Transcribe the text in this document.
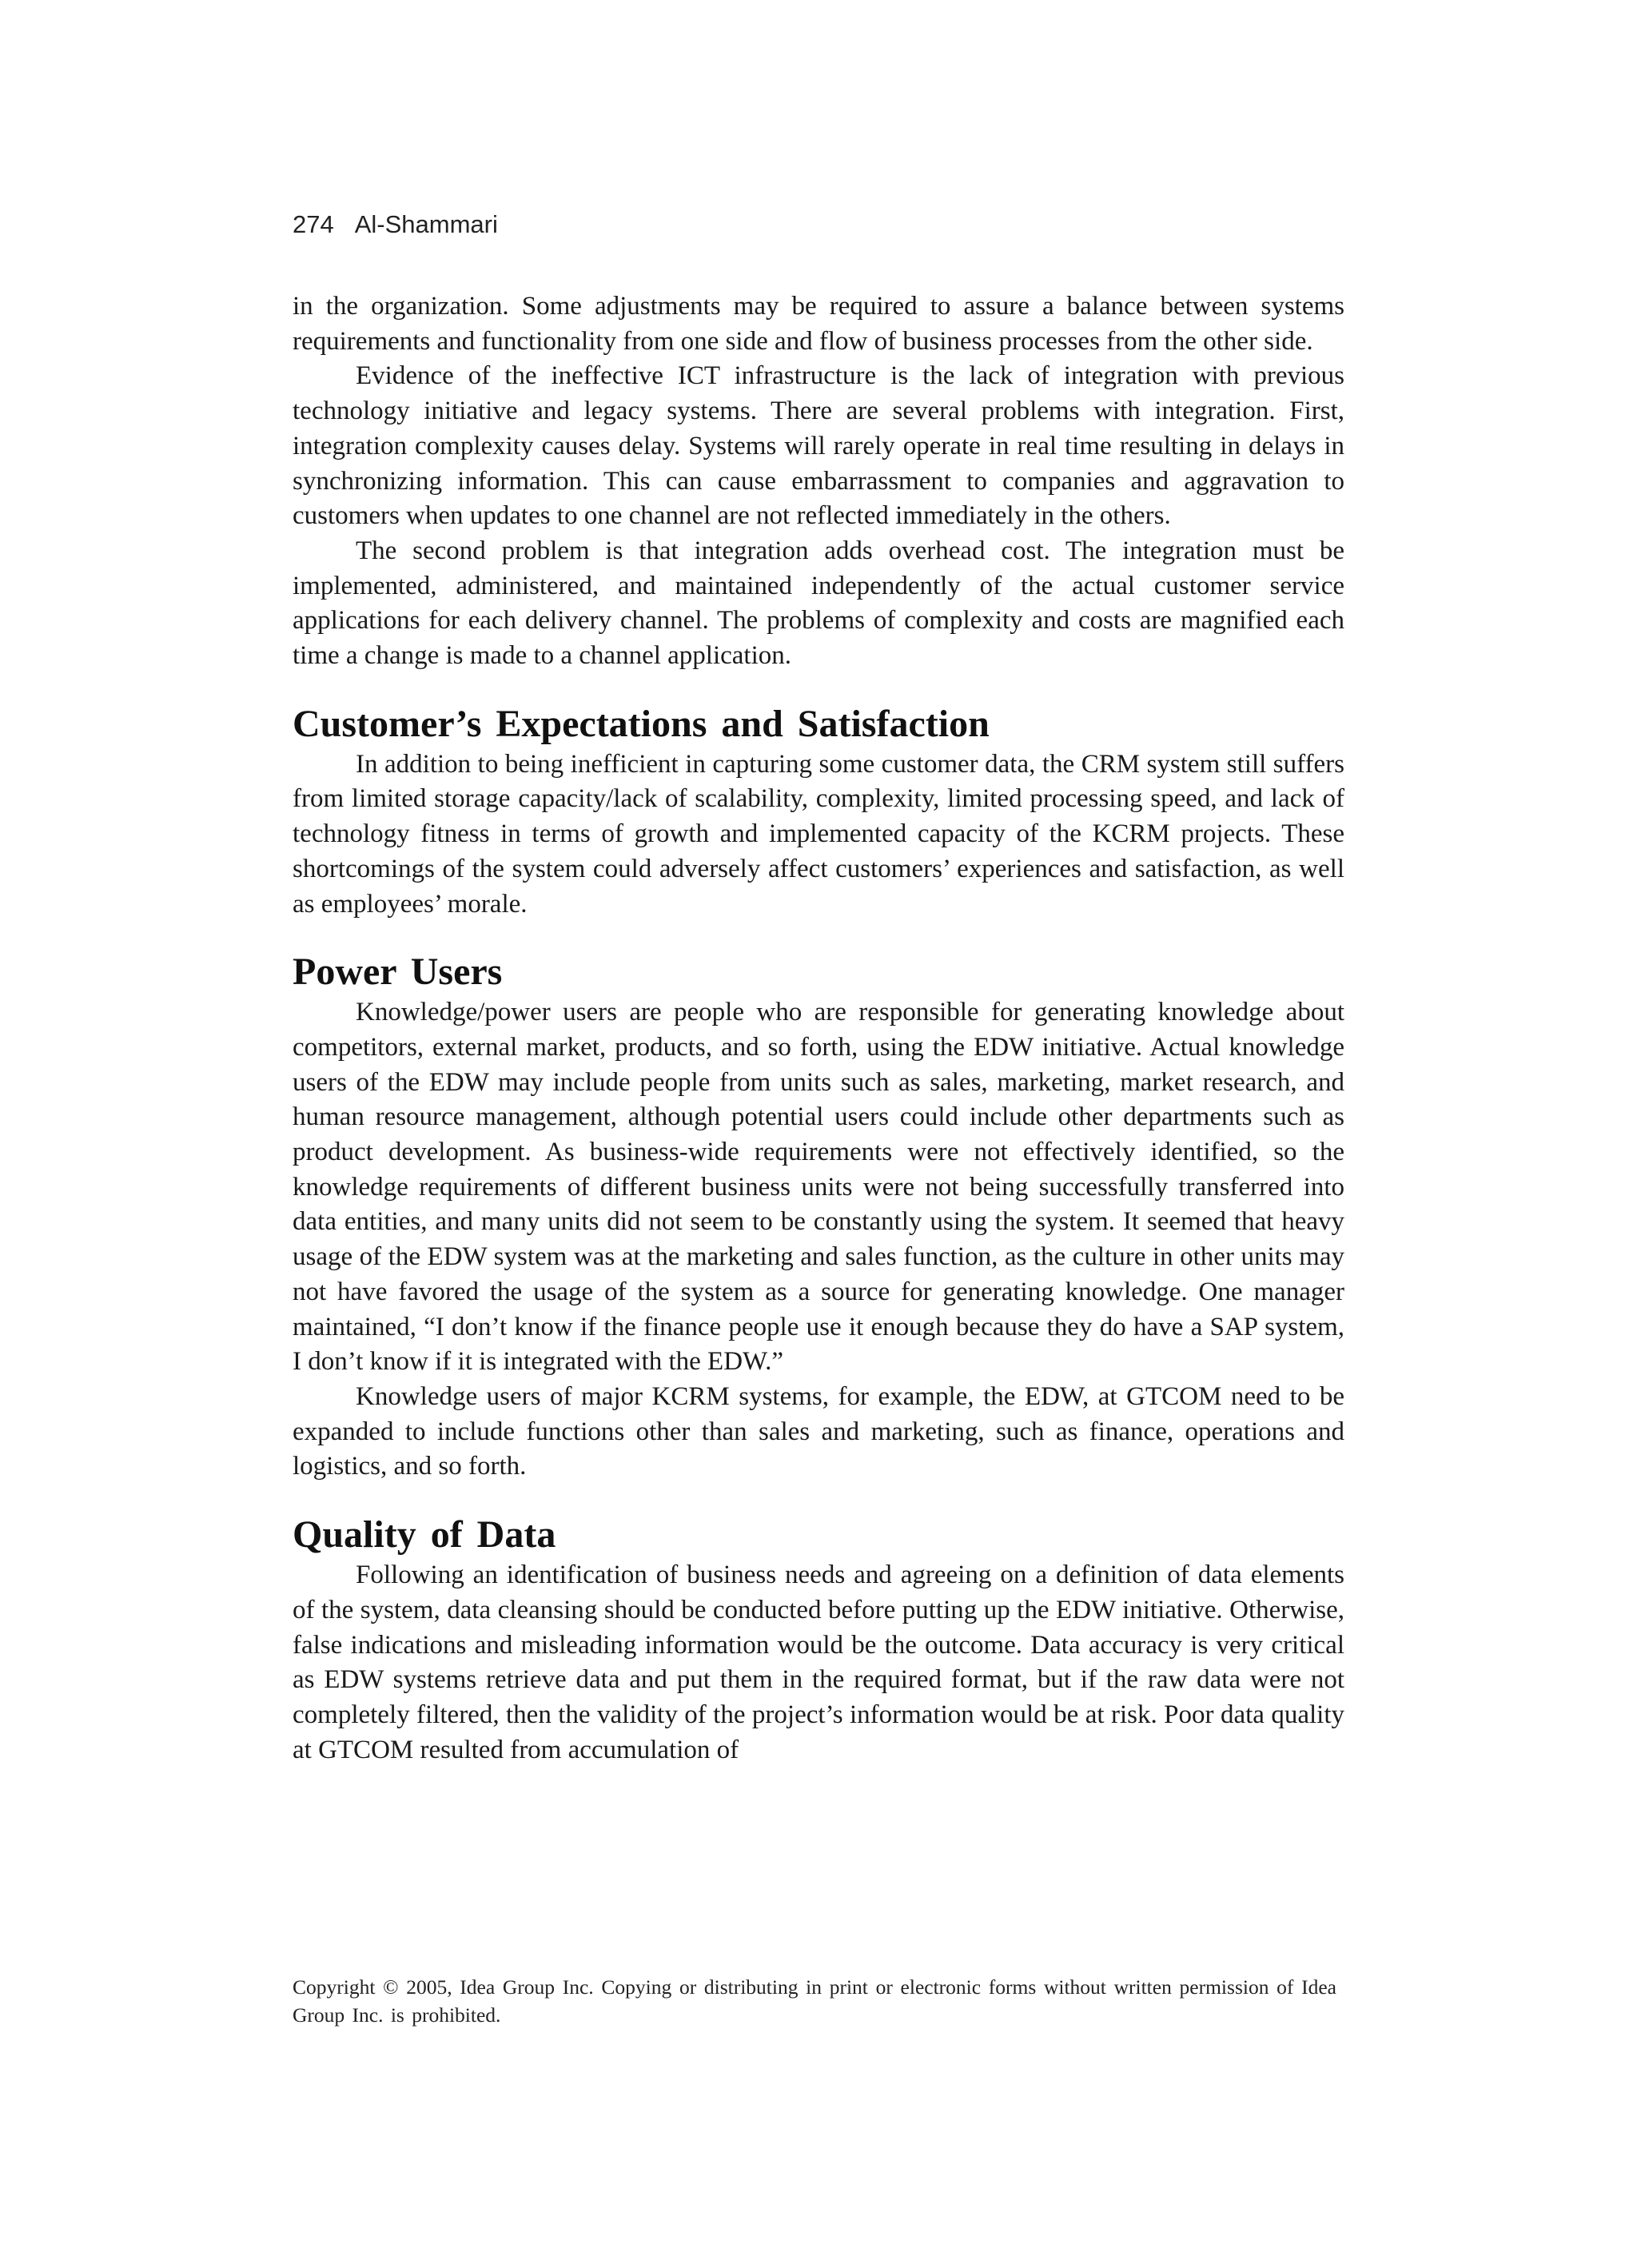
274 Al-Shammari

in the organization. Some adjustments may be required to assure a balance between systems requirements and functionality from one side and flow of business processes from the other side.

Evidence of the ineffective ICT infrastructure is the lack of integration with previous technology initiative and legacy systems. There are several problems with integration. First, integration complexity causes delay. Systems will rarely operate in real time resulting in delays in synchronizing information. This can cause embarrassment to companies and aggravation to customers when updates to one channel are not reflected immediately in the others.

The second problem is that integration adds overhead cost. The integration must be implemented, administered, and maintained independently of the actual customer service applications for each delivery channel. The problems of complexity and costs are magnified each time a change is made to a channel application.

Customer’s Expectations and Satisfaction

In addition to being inefficient in capturing some customer data, the CRM system still suffers from limited storage capacity/lack of scalability, complexity, limited processing speed, and lack of technology fitness in terms of growth and implemented capacity of the KCRM projects. These shortcomings of the system could adversely affect customers’ experiences and satisfaction, as well as employees’ morale.

Power Users

Knowledge/power users are people who are responsible for generating knowledge about competitors, external market, products, and so forth, using the EDW initiative. Actual knowledge users of the EDW may include people from units such as sales, marketing, market research, and human resource management, although potential users could include other departments such as product development. As business-wide requirements were not effectively identified, so the knowledge requirements of different business units were not being successfully transferred into data entities, and many units did not seem to be constantly using the system. It seemed that heavy usage of the EDW system was at the marketing and sales function, as the culture in other units may not have favored the usage of the system as a source for generating knowledge. One manager maintained, “I don’t know if the finance people use it enough because they do have a SAP system, I don’t know if it is integrated with the EDW.”

Knowledge users of major KCRM systems, for example, the EDW, at GTCOM need to be expanded to include functions other than sales and marketing, such as finance, operations and logistics, and so forth.

Quality of Data

Following an identification of business needs and agreeing on a definition of data elements of the system, data cleansing should be conducted before putting up the EDW initiative. Otherwise, false indications and misleading information would be the outcome. Data accuracy is very critical as EDW systems retrieve data and put them in the required format, but if the raw data were not completely filtered, then the validity of the project’s information would be at risk. Poor data quality at GTCOM resulted from accumulation of

Copyright © 2005, Idea Group Inc. Copying or distributing in print or electronic forms without written permission of Idea Group Inc. is prohibited.
